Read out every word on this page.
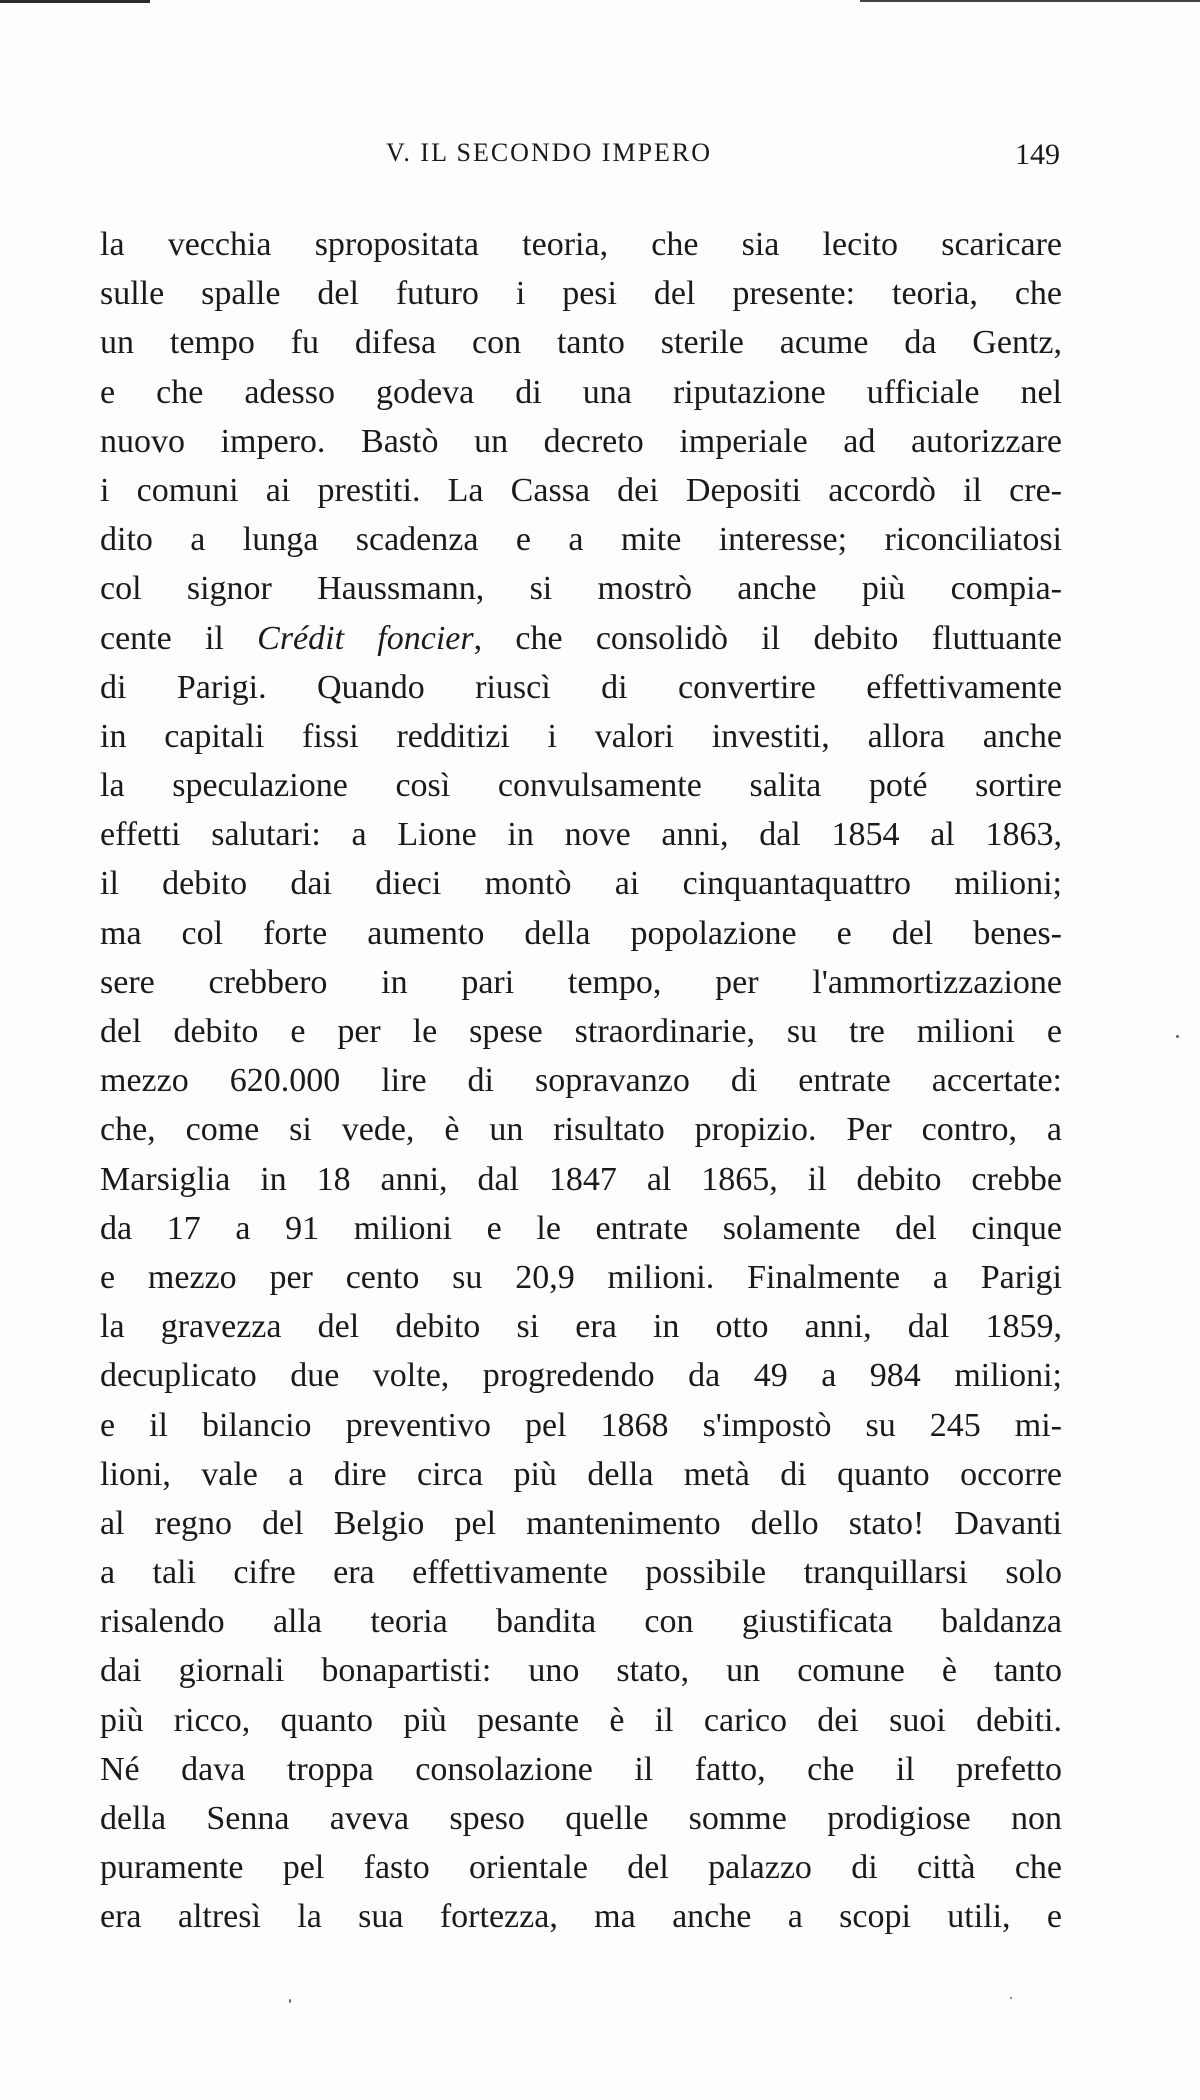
V. IL SECONDO IMPERO	149
la vecchia spropositata teoria, che sia lecito scaricare
sulle spalle del futuro i pesi del presente: teoria, che
un tempo fu difesa con tanto sterile acume da Gentz,
e che adesso godeva di una riputazione ufficiale nel
nuovo impero. Bastò un decreto imperiale ad autorizzare
i comuni ai prestiti. La Cassa dei Depositi accordò il cre-
dito a lunga scadenza e a mite interesse; riconciliatosi
col signor Haussmann, si mostrò anche più compia-
cente il Crédit foncier, che consolidò il debito fluttuante
di Parigi. Quando riuscì di convertire effettivamente
in capitali fissi redditizi i valori investiti, allora anche
la speculazione così convulsamente salita poté sortire
effetti salutari: a Lione in nove anni, dal 1854 al 1863,
il debito dai dieci montò ai cinquantaquattro milioni;
ma col forte aumento della popolazione e del benes-
sere crebbero in pari tempo, per l'ammortizzazione
del debito e per le spese straordinarie, su tre milioni e
mezzo 620.000 lire di sopravanzo di entrate accertate:
che, come si vede, è un risultato propizio. Per contro, a
Marsiglia in 18 anni, dal 1847 al 1865, il debito crebbe
da 17 a 91 milioni e le entrate solamente del cinque
e mezzo per cento su 20,9 milioni. Finalmente a Parigi
la gravezza del debito si era in otto anni, dal 1859,
decuplicato due volte, progredendo da 49 a 984 milioni;
e il bilancio preventivo pel 1868 s'impostò su 245 mi-
lioni, vale a dire circa più della metà di quanto occorre
al regno del Belgio pel mantenimento dello stato! Davanti
a tali cifre era effettivamente possibile tranquillarsi solo
risalendo alla teoria bandita con giustificata baldanza
dai giornali bonapartisti: uno stato, un comune è tanto
più ricco, quanto più pesante è il carico dei suoi debiti.
Né dava troppa consolazione il fatto, che il prefetto
della Senna aveva speso quelle somme prodigiose non
puramente pel fasto orientale del palazzo di città che
era altresì la sua fortezza, ma anche a scopi utili, e
